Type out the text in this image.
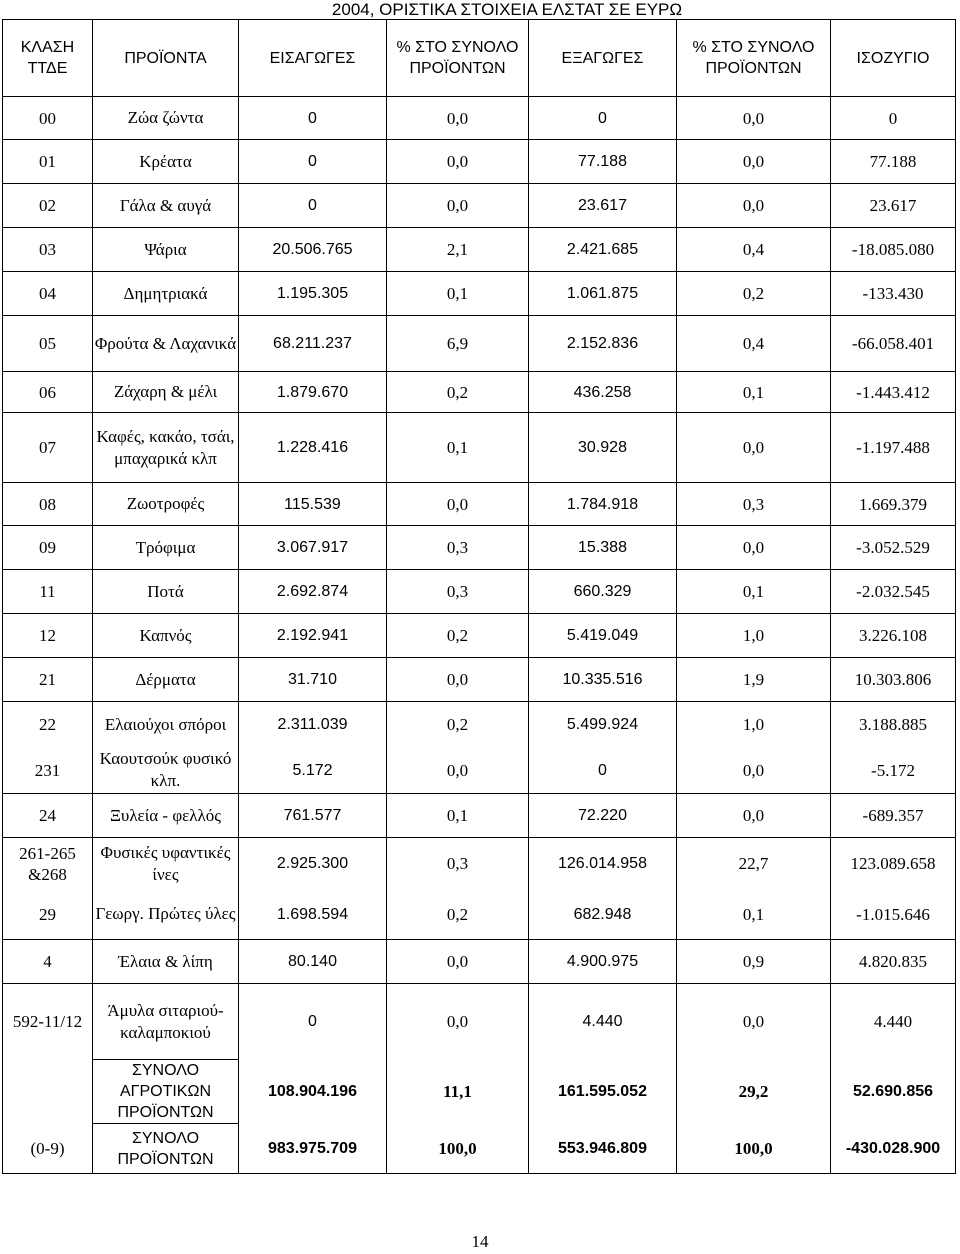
2004, ΟΡΙΣΤΙΚΑ ΣΤΟΙΧΕΙΑ ΕΛΣΤΑΤ ΣΕ ΕΥΡΩ
ΚΛΑΣΗ ΤΤΔΕ	ΠΡΟΪΟΝΤΑ	ΕΙΣΑΓΩΓΕΣ	% ΣΤΟ ΣΥΝΟΛΟ ΠΡΟΪΟΝΤΩΝ	ΕΞΑΓΩΓΕΣ	% ΣΤΟ ΣΥΝΟΛΟ ΠΡΟΪΟΝΤΩΝ	ΙΣΟΖΥΓΙΟ
00	Ζώα ζώντα	0	0,0	0	0,0	0
01	Κρέατα	0	0,0	77.188	0,0	77.188
02	Γάλα & αυγά	0	0,0	23.617	0,0	23.617
03	Ψάρια	20.506.765	2,1	2.421.685	0,4	-18.085.080
04	Δημητριακά	1.195.305	0,1	1.061.875	0,2	-133.430
05	Φρούτα & Λαχανικά	68.211.237	6,9	2.152.836	0,4	-66.058.401
06	Ζάχαρη & μέλι	1.879.670	0,2	436.258	0,1	-1.443.412
07	Καφές, κακάο, τσάι, μπαχαρικά κλπ	1.228.416	0,1	30.928	0,0	-1.197.488
08	Ζωοτροφές	115.539	0,0	1.784.918	0,3	1.669.379
09	Τρόφιμα	3.067.917	0,3	15.388	0,0	-3.052.529
11	Ποτά	2.692.874	0,3	660.329	0,1	-2.032.545
12	Καπνός	2.192.941	0,2	5.419.049	1,0	3.226.108
21	Δέρματα	31.710	0,0	10.335.516	1,9	10.303.806
22	Ελαιούχοι σπόροι	2.311.039	0,2	5.499.924	1,0	3.188.885
231	Καουτσούκ φυσικό κλπ.	5.172	0,0	0	0,0	-5.172
24	Ξυλεία - φελλός	761.577	0,1	72.220	0,0	-689.357
261-265 &268	Φυσικές υφαντικές ίνες	2.925.300	0,3	126.014.958	22,7	123.089.658
29	Γεωργ. Πρώτες ύλες	1.698.594	0,2	682.948	0,1	-1.015.646
4	Έλαια & λίπη	80.140	0,0	4.900.975	0,9	4.820.835
592-11/12	Άμυλα σιταριού-καλαμποκιού	0	0,0	4.440	0,0	4.440
	ΣΥΝΟΛΟ ΑΓΡΟΤΙΚΩΝ ΠΡΟΪΟΝΤΩΝ	108.904.196	11,1	161.595.052	29,2	52.690.856
(0-9)	ΣΥΝΟΛΟ ΠΡΟΪΟΝΤΩΝ	983.975.709	100,0	553.946.809	100,0	-430.028.900
14
